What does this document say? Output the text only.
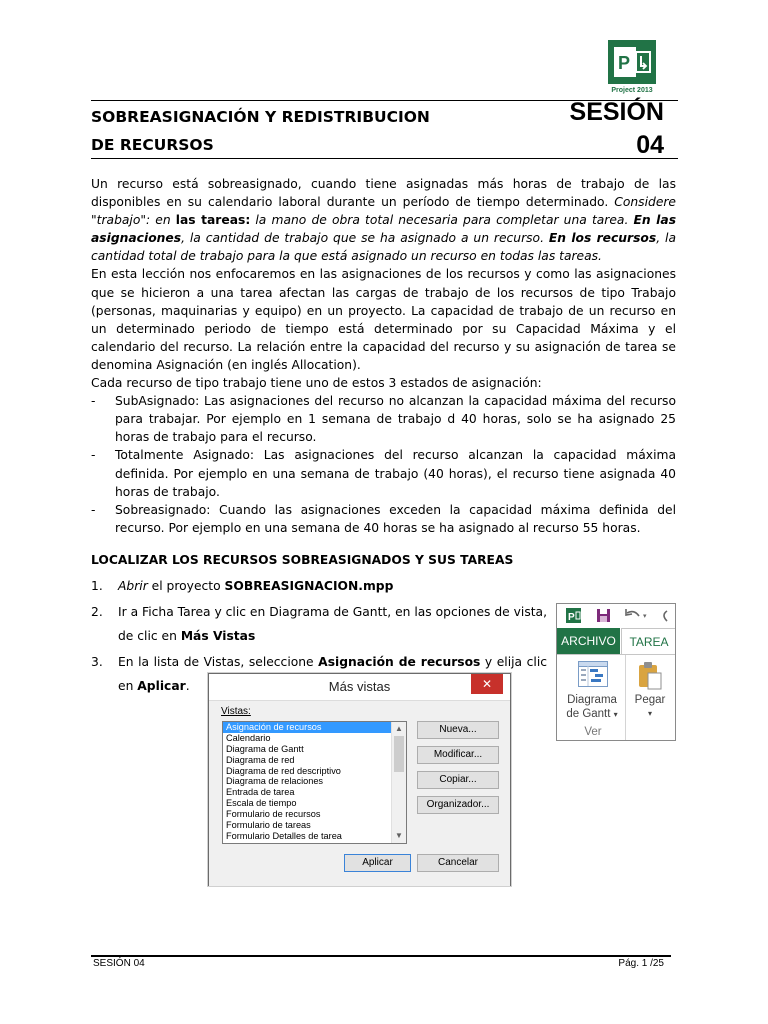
P
Project 2013
SOBREASIGNACIÓN Y REDISTRIBUCION
DE RECURSOS
SESIÓN
04

Un recurso está sobreasignado, cuando tiene asignadas más horas de trabajo de las disponibles en su calendario laboral durante un período de tiempo determinado. Considere "trabajo": en las tareas: la mano de obra total necesaria para completar una tarea. En las asignaciones, la cantidad de trabajo que se ha asignado a un recurso. En los recursos, la cantidad total de trabajo para la que está asignado un recurso en todas las tareas.

En esta lección nos enfocaremos en las asignaciones de los recursos y como las asignaciones que se hicieron a una tarea afectan las cargas de trabajo de los recursos de tipo Trabajo (personas, maquinarias y equipo) en un proyecto. La capacidad de trabajo de un recurso en un determinado periodo de tiempo está determinado por su Capacidad Máxima y el calendario del recurso. La relación entre la capacidad del recurso y su asignación de tarea se denomina Asignación (en inglés Allocation).

Cada recurso de tipo trabajo tiene uno de estos 3 estados de asignación:

- SubAsignado: Las asignaciones del recurso no alcanzan la capacidad máxima del recurso para trabajar. Por ejemplo en 1 semana de trabajo d 40 horas, solo se ha asignado 25 horas de trabajo para el recurso.
- Totalmente Asignado: Las asignaciones del recurso alcanzan la capacidad máxima definida. Por ejemplo en una semana de trabajo (40 horas), el recurso tiene asignada 40 horas de trabajo.
- Sobreasignado: Cuando las asignaciones exceden la capacidad máxima definida del recurso. Por ejemplo en una semana de 40 horas se ha asignado al recurso 55 horas.
LOCALIZAR LOS RECURSOS SOBREASIGNADOS Y SUS TAREAS
1. Abrir el proyecto SOBREASIGNACION.mpp
2. Ir a Ficha Tarea y clic en Diagrama de Gantt, en las opciones de vista, de clic en Más Vistas
3. En la lista de Vistas, seleccione Asignación de recursos y elija clic en Aplicar.
P	▾
ARCHIVO	TAREA
Diagrama
de Gantt ▾
Ver
Pegar
▾
Más vistas	✕
Vistas:
Asignación de recursos
Calendario
Diagrama de Gantt
Diagrama de red
Diagrama de red descriptivo
Diagrama de relaciones
Entrada de tarea
Escala de tiempo
Formulario de recursos
Formulario de tareas
Formulario Detalles de tarea
▲
▼
Nueva...
Modificar...
Copiar...
Organizador...
Aplicar	Cancelar
SESIÓN 04	Pág. 1 /25
